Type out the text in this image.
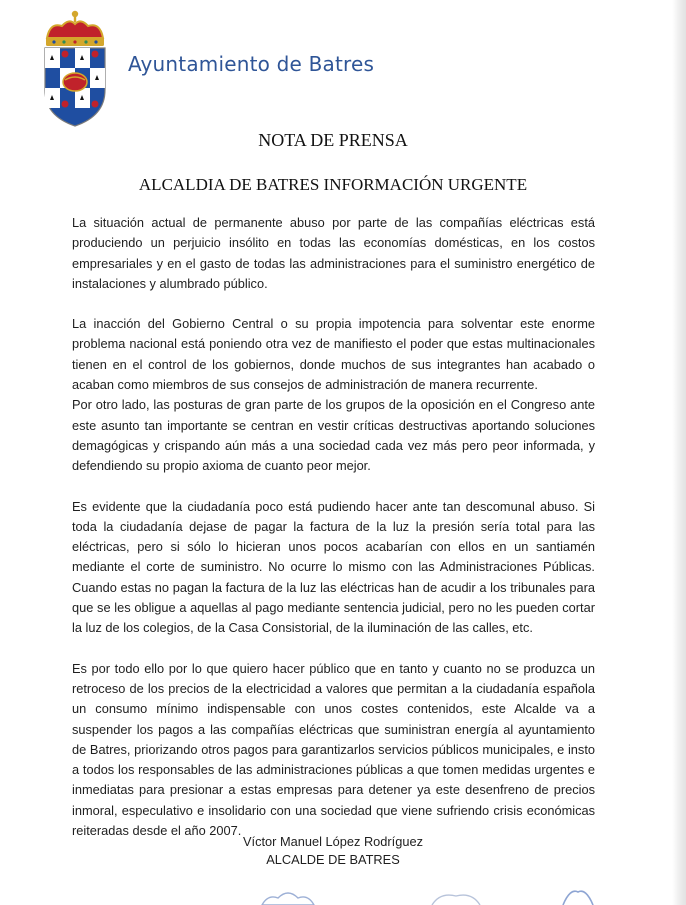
Ayuntamiento de Batres
NOTA DE PRENSA
ALCALDIA DE BATRES INFORMACIÓN URGENTE

La situación actual de permanente abuso por parte de las compañías eléctricas está produciendo un perjuicio insólito en todas las economías domésticas, en los costos empresariales y en el gasto de todas las administraciones para el suministro energético de instalaciones y alumbrado público.

La inacción del Gobierno Central o su propia impotencia para solventar este enorme problema nacional está poniendo otra vez de manifiesto el poder que estas multinacionales tienen en el control de los gobiernos, donde muchos de sus integrantes han acabado o acaban como miembros de sus consejos de administración de manera recurrente.

Por otro lado, las posturas de gran parte de los grupos de la oposición en el Congreso ante este asunto tan importante se centran en vestir críticas destructivas aportando soluciones demagógicas y crispando aún más a una sociedad cada vez más pero peor informada, y defendiendo su propio axioma de cuanto peor mejor.

Es evidente que la ciudadanía poco está pudiendo hacer ante tan descomunal abuso. Si toda la ciudadanía dejase de pagar la factura de la luz la presión sería total para las eléctricas, pero si sólo lo hicieran unos pocos acabarían con ellos en un santiamén mediante el corte de suministro. No ocurre lo mismo con las Administraciones Públicas. Cuando estas no pagan la factura de la luz las eléctricas han de acudir a los tribunales para que se les obligue a aquellas al pago mediante sentencia judicial, pero no les pueden cortar la luz de los colegios, de la Casa Consistorial, de la iluminación de las calles, etc.

Es por todo ello por lo que quiero hacer público que en tanto y cuanto no se produzca un retroceso de los precios de la electricidad a valores que permitan a la ciudadanía española un consumo mínimo indispensable con unos costes contenidos, este Alcalde va a suspender los pagos a las compañías eléctricas que suministran energía al ayuntamiento de Batres, priorizando otros pagos para garantizarlos servicios públicos municipales, e insto a todos los responsables de las administraciones públicas a que tomen medidas urgentes e inmediatas para presionar a estas empresas para detener ya este desenfreno de precios inmoral, especulativo e insolidario con una sociedad que viene sufriendo crisis económicas reiteradas desde el año 2007.

Víctor Manuel López Rodríguez
ALCALDE DE BATRES
